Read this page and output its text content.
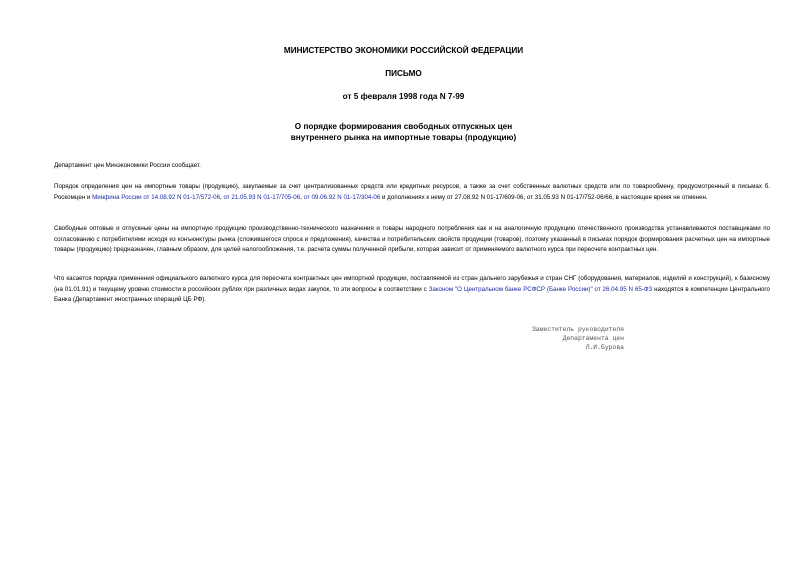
МИНИСТЕРСТВО ЭКОНОМИКИ РОССИЙСКОЙ ФЕДЕРАЦИИ
ПИСЬМО
от 5 февраля 1998 года N 7-99
О порядке формирования свободных отпускных цен
внутреннего рынка на импортные товары (продукцию)

Департамент цен Минэкономики России сообщает.

Порядок определения цен на импортные товары (продукцию), закупаемые за счет централизованных средств или кредитных ресурсов, а также за счет собственных валютных средств или по товарообмену, предусмотренный в письмах б. Роскомцен и Минфина России от 14.08.92 N 01-17/572-06, от 21.05.93 N 01-17/705-06, от 09.06.92 N 01-17/304-06 и дополнениях к нему от 27.08.92 N 01-17/609-06, от 31.05.93 N 01-17/752-06/66, в настоящее время не отменен.

Свободные оптовые и отпускные цены на импортную продукцию производственно-технического назначения и товары народного потребления как и на аналогичную продукцию отечественного производства устанавливаются поставщиками по согласованию с потребителями исходя из конъюнктуры рынка (сложившегося спроса и предложения), качества и потребительских свойств продукции (товаров), поэтому указанный в письмах порядок формирования расчетных цен на импортные товары (продукцию) предназначен, главным образом, для целей налогообложения, т.е. расчета суммы полученной прибыли, которая зависит от применяемого валютного курса при пересчете контрактных цен.

Что касается порядка применения официального валютного курса для пересчета контрактных цен импортной продукции, поставляемой из стран дальнего зарубежья и стран СНГ (оборудования, материалов, изделий и конструкций), к базисному (на 01.01.91) и текущему уровню стоимости в российских рублях при различных видах закупок, то эти вопросы в соответствии с Законом "О Центральном банке РСФСР (Банке России)" от 26.04.95 N 65-ФЗ находятся в компетенции Центрального Банка (Департамент иностранных операций ЦБ РФ).

Заместитель руководителя
Департамента цен
Л.И.Бурова
